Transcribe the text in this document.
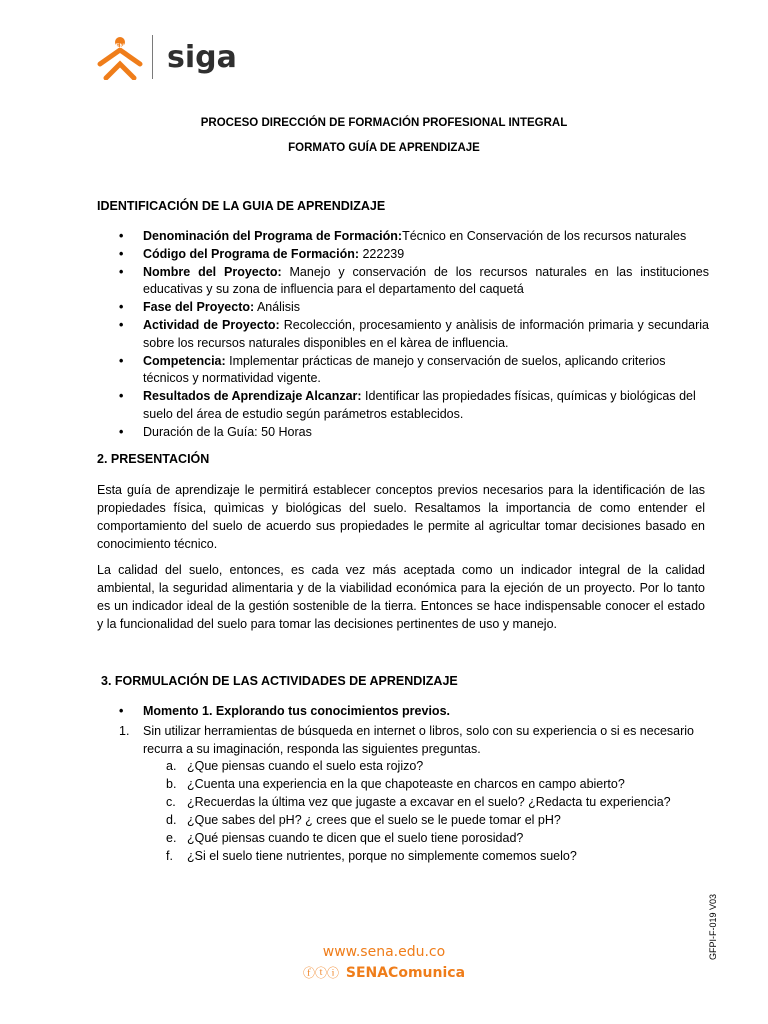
SENA siga
PROCESO DIRECCIÓN DE FORMACIÓN PROFESIONAL INTEGRAL
FORMATO GUÍA DE APRENDIZAJE
IDENTIFICACIÓN DE LA GUIA DE APRENDIZAJE
• Denominación del Programa de Formación:Técnico en Conservación de los recursos naturales
• Código del Programa de Formación: 222239
• Nombre del Proyecto: Manejo y conservación de los recursos naturales en las instituciones educativas y su zona de influencia para el departamento del caquetá
• Fase del Proyecto: Análisis
• Actividad de Proyecto: Recolección, procesamiento y anàlisis de información primaria y secundaria sobre los recursos naturales disponibles en el kàrea de influencia.
• Competencia: Implementar prácticas de manejo y conservación de suelos, aplicando criterios técnicos y normatividad vigente.
• Resultados de Aprendizaje Alcanzar: Identificar las propiedades físicas, químicas y biológicas del suelo del área de estudio según parámetros establecidos.
• Duración de la Guía: 50 Horas
2. PRESENTACIÓN
Esta guía de aprendizaje le permitirá establecer conceptos previos necesarios para la identificación de las propiedades física, quìmicas y biológicas del suelo. Resaltamos la importancia de como entender el comportamiento del suelo de acuerdo sus propiedades le permite al agricultar tomar decisiones basado en conocimiento técnico.
La calidad del suelo, entonces, es cada vez más aceptada como un indicador integral de la calidad ambiental, la seguridad alimentaria y de la viabilidad económica para la ejeción de un proyecto. Por lo tanto es un indicador ideal de la gestión sostenible de la tierra. Entonces se hace indispensable conocer el estado y la funcionalidad del suelo para tomar las decisiones pertinentes de uso y manejo.
3. FORMULACIÓN DE LAS ACTIVIDADES DE APRENDIZAJE
• Momento 1. Explorando tus conocimientos previos.
1.	Sin utilizar herramientas de búsqueda en internet o libros, solo con su experiencia o si es necesario recurra a su imaginación, responda las siguientes preguntas.
a. ¿Que piensas cuando el suelo esta rojizo?
b. ¿Cuenta una experiencia en la que chapoteaste en charcos en campo abierto?
c. ¿Recuerdas la última vez que jugaste a excavar en el suelo? ¿Redacta tu experiencia?
d. ¿Que sabes del pH? ¿ crees que el suelo se le puede tomar el pH?
e. ¿Qué piensas cuando te dicen que el suelo tiene porosidad?
f. ¿Si el suelo tiene nutrientes, porque no simplemente comemos suelo?
www.sena.edu.co
ⓕⓣⓘ SENAComunica
GFPI-F-019 V03
